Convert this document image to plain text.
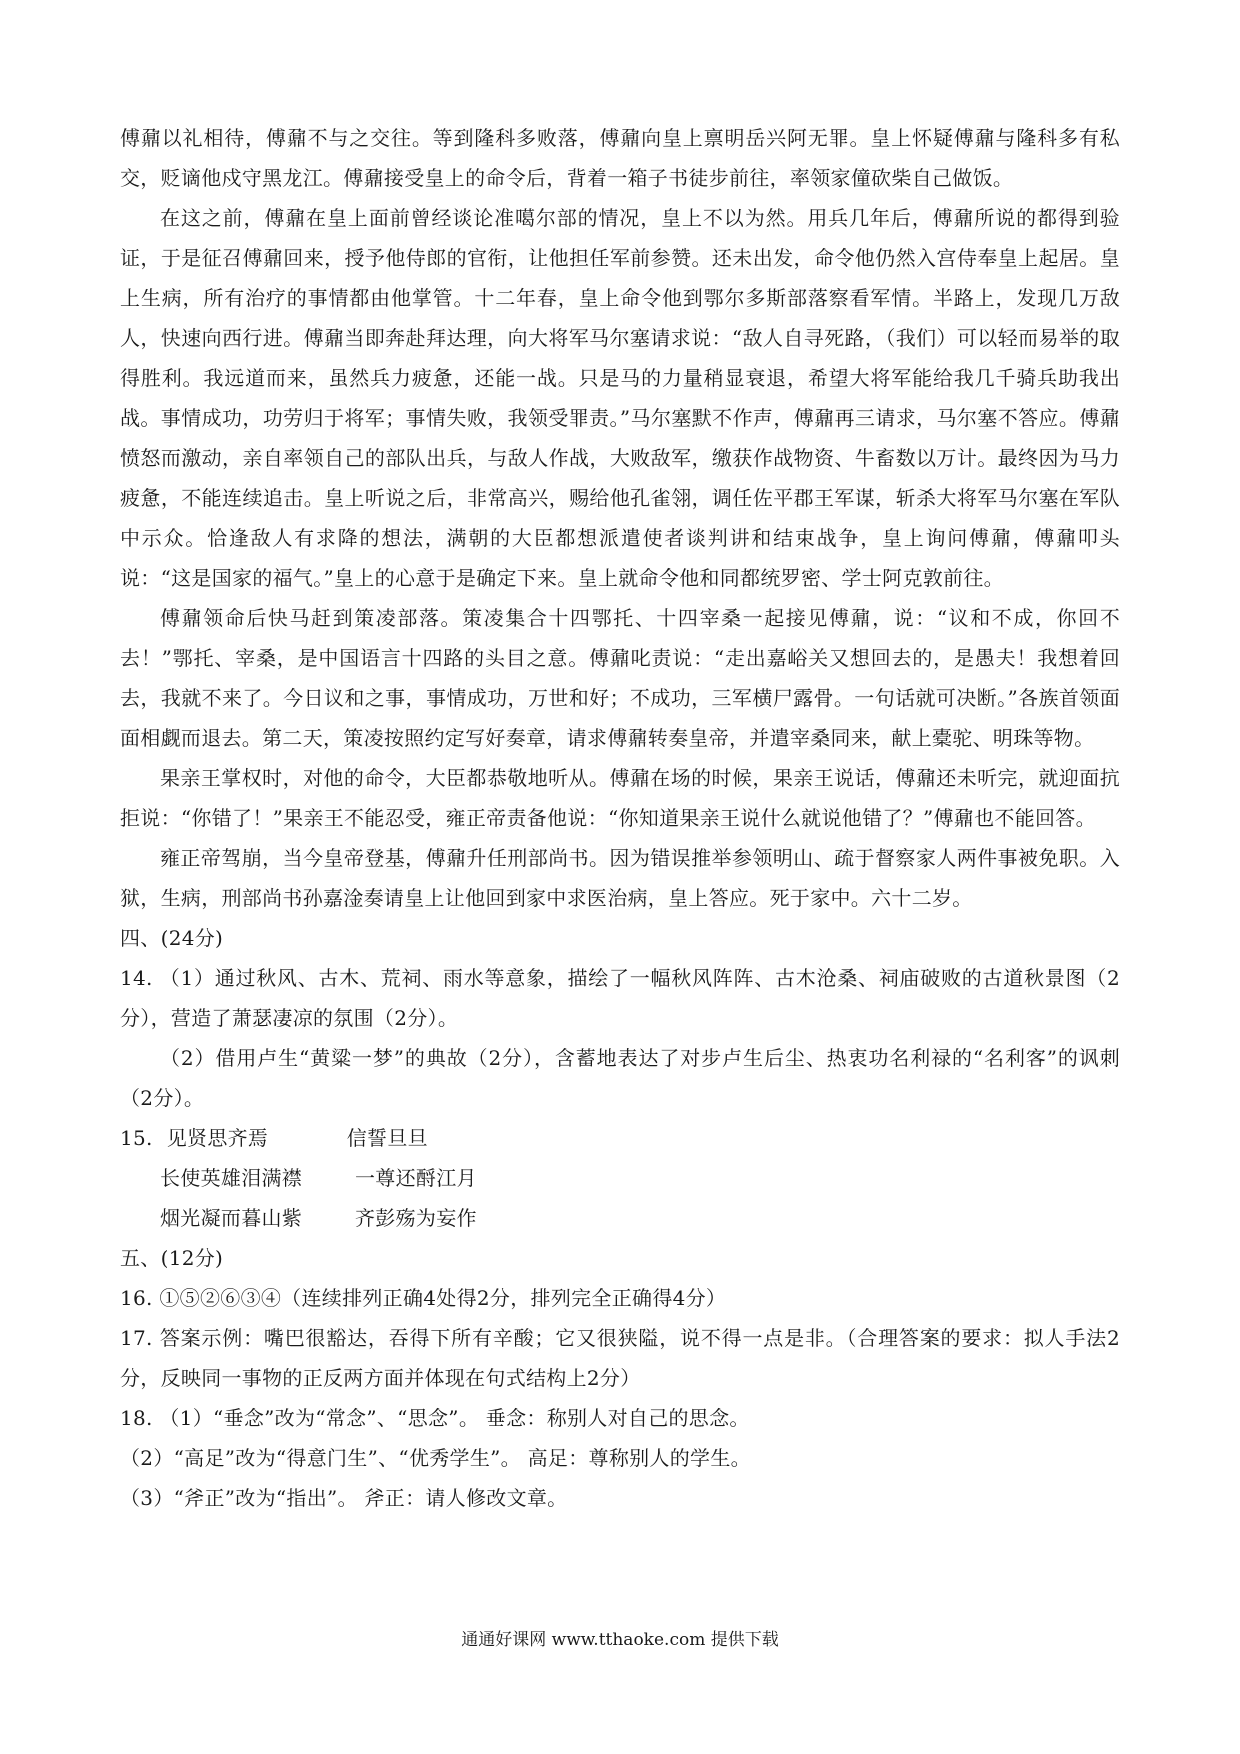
傅鼐以礼相待，傅鼐不与之交往。等到隆科多败落，傅鼐向皇上禀明岳兴阿无罪。皇上怀疑傅鼐与隆科多有私交，贬谪他戍守黑龙江。傅鼐接受皇上的命令后，背着一箱子书徒步前往，率领家僮砍柴自己做饭。

在这之前，傅鼐在皇上面前曾经谈论准噶尔部的情况，皇上不以为然。用兵几年后，傅鼐所说的都得到验证，于是征召傅鼐回来，授予他侍郎的官衔，让他担任军前参赞。还未出发，命令他仍然入宫侍奉皇上起居。皇上生病，所有治疗的事情都由他掌管。十二年春，皇上命令他到鄂尔多斯部落察看军情。半路上，发现几万敌人，快速向西行进。傅鼐当即奔赴拜达理，向大将军马尔塞请求说：“敌人自寻死路，（我们）可以轻而易举的取得胜利。我远道而来，虽然兵力疲惫，还能一战。只是马的力量稍显衰退，希望大将军能给我几千骑兵助我出战。事情成功，功劳归于将军；事情失败，我领受罪责。”马尔塞默不作声，傅鼐再三请求，马尔塞不答应。傅鼐愤怒而激动，亲自率领自己的部队出兵，与敌人作战，大败敌军，缴获作战物资、牛畜数以万计。最终因为马力疲惫，不能连续追击。皇上听说之后，非常高兴，赐给他孔雀翎，调任佐平郡王军谋，斩杀大将军马尔塞在军队中示众。恰逢敌人有求降的想法，满朝的大臣都想派遣使者谈判讲和结束战争，皇上询问傅鼐，傅鼐叩头说：“这是国家的福气。”皇上的心意于是确定下来。皇上就命令他和同都统罗密、学士阿克敦前往。

傅鼐领命后快马赶到策凌部落。策凌集合十四鄂托、十四宰桑一起接见傅鼐，说：“议和不成，你回不去！”鄂托、宰桑，是中国语言十四路的头目之意。傅鼐叱责说：“走出嘉峪关又想回去的，是愚夫！我想着回去，我就不来了。今日议和之事，事情成功，万世和好；不成功，三军横尸露骨。一句话就可决断。”各族首领面面相觑而退去。第二天，策凌按照约定写好奏章，请求傅鼐转奏皇帝，并遣宰桑同来，献上橐驼、明珠等物。

果亲王掌权时，对他的命令，大臣都恭敬地听从。傅鼐在场的时候，果亲王说话，傅鼐还未听完，就迎面抗拒说：“你错了！”果亲王不能忍受，雍正帝责备他说：“你知道果亲王说什么就说他错了？”傅鼐也不能回答。

雍正帝驾崩，当今皇帝登基，傅鼐升任刑部尚书。因为错误推举参领明山、疏于督察家人两件事被免职。入狱，生病，刑部尚书孙嘉淦奏请皇上让他回到家中求医治病，皇上答应。死于家中。六十二岁。

四、(24分)

14. （1）通过秋风、古木、荒祠、雨水等意象，描绘了一幅秋风阵阵、古木沧桑、祠庙破败的古道秋景图（2分），营造了萧瑟凄凉的氛围（2分）。

（2）借用卢生“黄粱一梦”的典故（2分），含蓄地表达了对步卢生后尘、热衷功名利禄的“名利客”的讽刺（2分）。

15. 见贤思齐焉	信誓旦旦

长使英雄泪满襟	一尊还酹江月

烟光凝而暮山紫	齐彭殇为妄作

五、(12分)

16. ①⑤②⑥③④（连续排列正确4处得2分，排列完全正确得4分）

17. 答案示例：嘴巴很豁达，吞得下所有辛酸；它又很狭隘，说不得一点是非。（合理答案的要求：拟人手法2分，反映同一事物的正反两方面并体现在句式结构上2分）

18. （1）“垂念”改为“常念”、“思念”。 垂念：称别人对自己的思念。

（2）“高足”改为“得意门生”、“优秀学生”。 高足：尊称别人的学生。

（3）“斧正”改为“指出”。 斧正：请人修改文章。

通通好课网 www.tthaoke.com 提供下载
